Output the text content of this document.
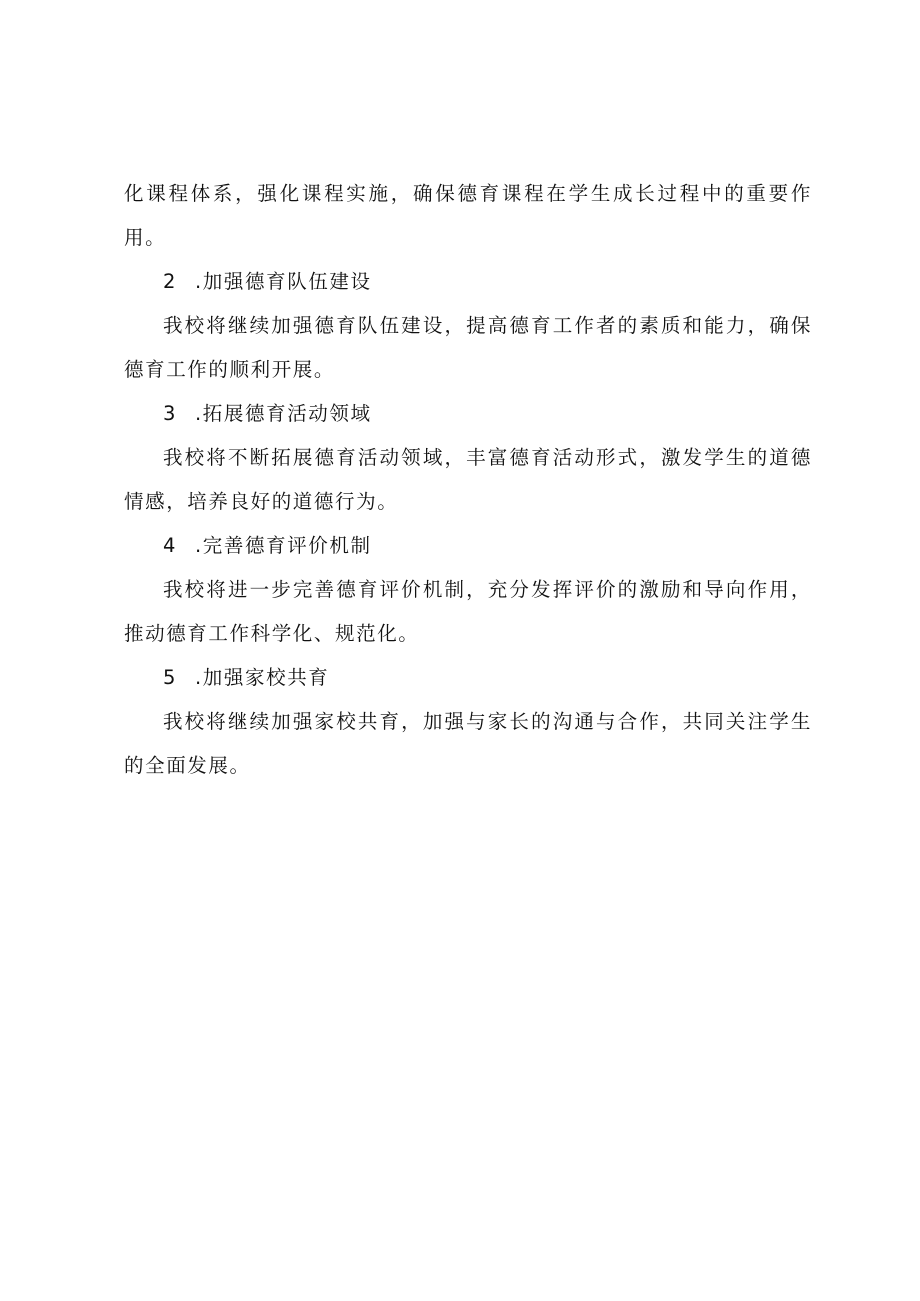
化课程体系，强化课程实施，确保德育课程在学生成长过程中的重要作用。

2 .加强德育队伍建设

我校将继续加强德育队伍建设，提高德育工作者的素质和能力，确保德育工作的顺利开展。

3 .拓展德育活动领域

我校将不断拓展德育活动领域，丰富德育活动形式，激发学生的道德情感，培养良好的道德行为。

4 .完善德育评价机制

我校将进一步完善德育评价机制，充分发挥评价的激励和导向作用，推动德育工作科学化、规范化。

5 .加强家校共育

我校将继续加强家校共育，加强与家长的沟通与合作，共同关注学生的全面发展。
